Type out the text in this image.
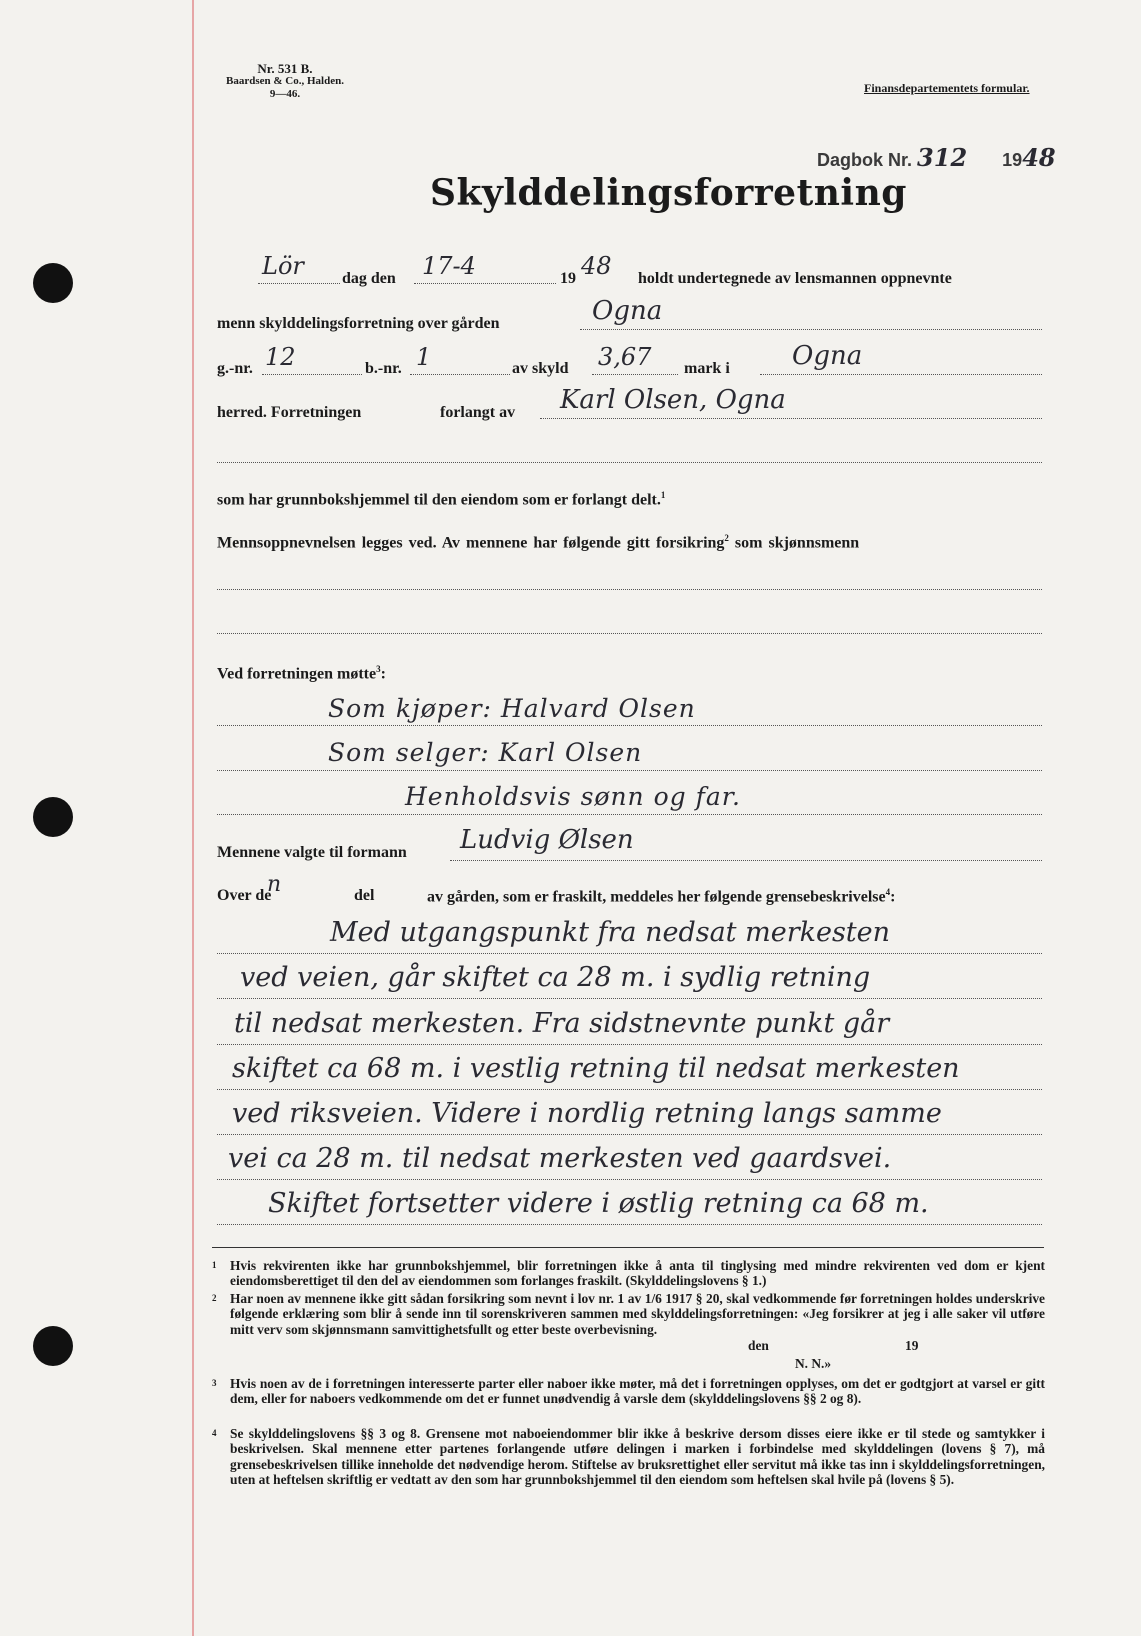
Nr. 531 B.
Baardsen & Co., Halden.
9—46.	Finansdepartementets formular.
Dagbok Nr. 312 1948
Skylddelingsforretning
Lör dag den 17-4	19 48 holdt undertegnede av lensmannen oppnevnte
menn skylddelingsforretning over gården	Ogna
g.-nr. 12	b.-nr. 1	av skyld 3,67 mark i Ogna
herred. Forretningen	forlangt av Karl Olsen, Ogna
som har grunnbokshjemmel til den eiendom som er forlangt delt.$^1$
Mennsoppnevnelsen legges ved. Av mennene har følgende gitt forsikring$^2$ som skjønnsmenn
Ved forretningen møtte$^3$:
Som kjøper: Halvard Olsen
Som selger: Karl Olsen
Henholdsvis sønn og far.
Mennene valgte til formann Ludvig Ølsen
Over de
n	del	av gården, som er fraskilt, meddeles her følgende grensebeskrivelse$^4$:
Med utgangspunkt fra nedsat merkesten
ved veien, går skiftet ca 28 m. i sydlig retning
til nedsat merkesten. Fra sidstnevnte punkt går
skiftet ca 68 m. i vestlig retning til nedsat merkesten
ved riksveien. Videre i nordlig retning langs samme
vei ca 28 m. til nedsat merkesten ved gaardsvei.
Skiftet fortsetter videre i østlig retning ca 68 m.
1 Hvis rekvirenten ikke har grunnbokshjemmel, blir forretningen ikke å anta til tinglysing med mindre rekvirenten ved dom er kjent eiendomsberettiget til den del av eiendommen som forlanges fraskilt. (Skylddelingslovens § 1.)
2 Har noen av mennene ikke gitt sådan forsikring som nevnt i lov nr. 1 av 1/6 1917 § 20, skal vedkommende før forretningen holdes underskrive følgende erklæring som blir å sende inn til sorenskriveren sammen med skylddelingsforretningen: «Jeg forsikrer at jeg i alle saker vil utføre mitt verv som skjønnsmann samvittighetsfullt og etter beste overbevisning.
den	19
N. N.»
3 Hvis noen av de i forretningen interesserte parter eller naboer ikke møter, må det i forretningen opplyses, om det er godtgjort at varsel er gitt dem, eller for naboers vedkommende om det er funnet unødvendig å varsle dem (skylddelingslovens §§ 2 og 8).
4 Se skylddelingslovens §§ 3 og 8. Grensene mot naboeiendommer blir ikke å beskrive dersom disses eiere ikke er til stede og samtykker i beskrivelsen. Skal mennene etter partenes forlangende utføre delingen i marken i forbindelse med skylddelingen (lovens § 7), må grensebeskrivelsen tillike inneholde det nødvendige herom. Stiftelse av bruksrettighet eller servitut må ikke tas inn i skylddelingsforretningen, uten at heftelsen skriftlig er vedtatt av den som har grunnbokshjemmel til den eiendom som heftelsen skal hvile på (lovens § 5).
